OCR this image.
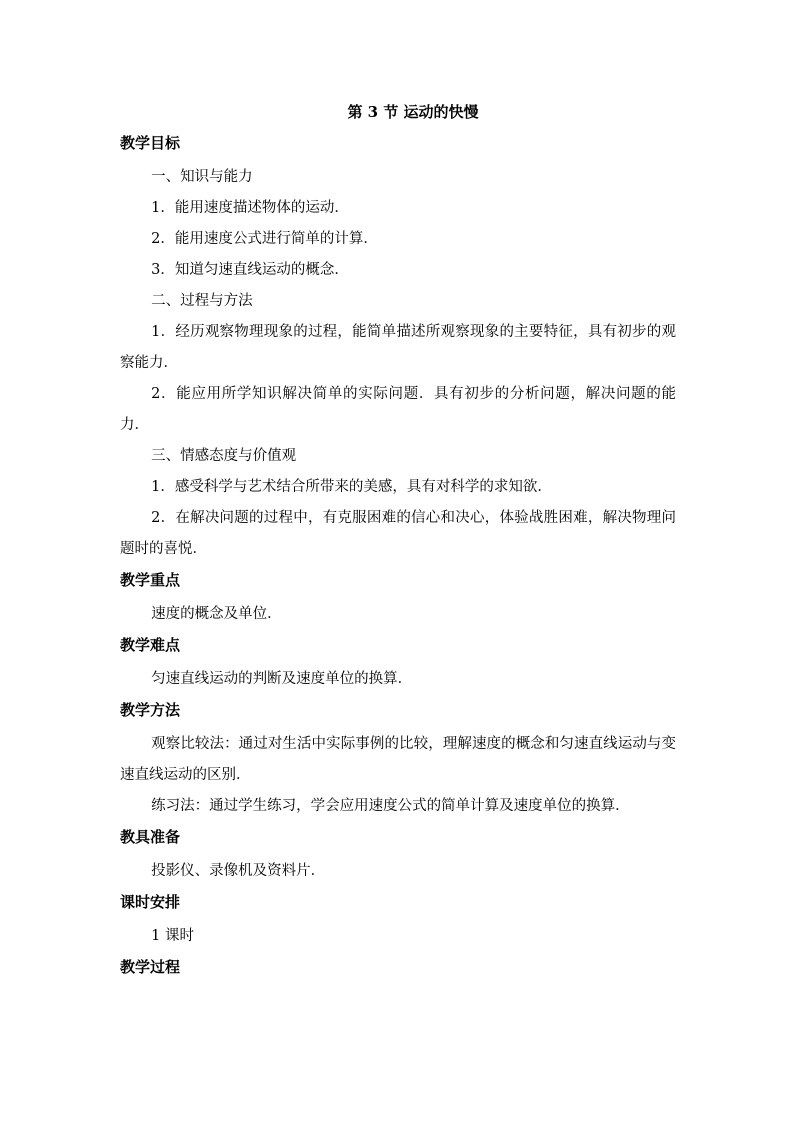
第 3 节 运动的快慢
教学目标

一、知识与能力

1．能用速度描述物体的运动．

2．能用速度公式进行简单的计算．

3．知道匀速直线运动的概念．

二、过程与方法

1．经历观察物理现象的过程，能简单描述所观察现象的主要特征，具有初步的观察能力．

2．能应用所学知识解决简单的实际问题．具有初步的分析问题，解决问题的能力．

三、情感态度与价值观

1．感受科学与艺术结合所带来的美感，具有对科学的求知欲．

2．在解决问题的过程中，有克服困难的信心和决心，体验战胜困难，解决物理问题时的喜悦．

教学重点

速度的概念及单位．

教学难点

匀速直线运动的判断及速度单位的换算．

教学方法

观察比较法：通过对生活中实际事例的比较，理解速度的概念和匀速直线运动与变速直线运动的区别．

练习法：通过学生练习，学会应用速度公式的简单计算及速度单位的换算．

教具准备

投影仪、录像机及资料片．

课时安排

1 课时

教学过程
